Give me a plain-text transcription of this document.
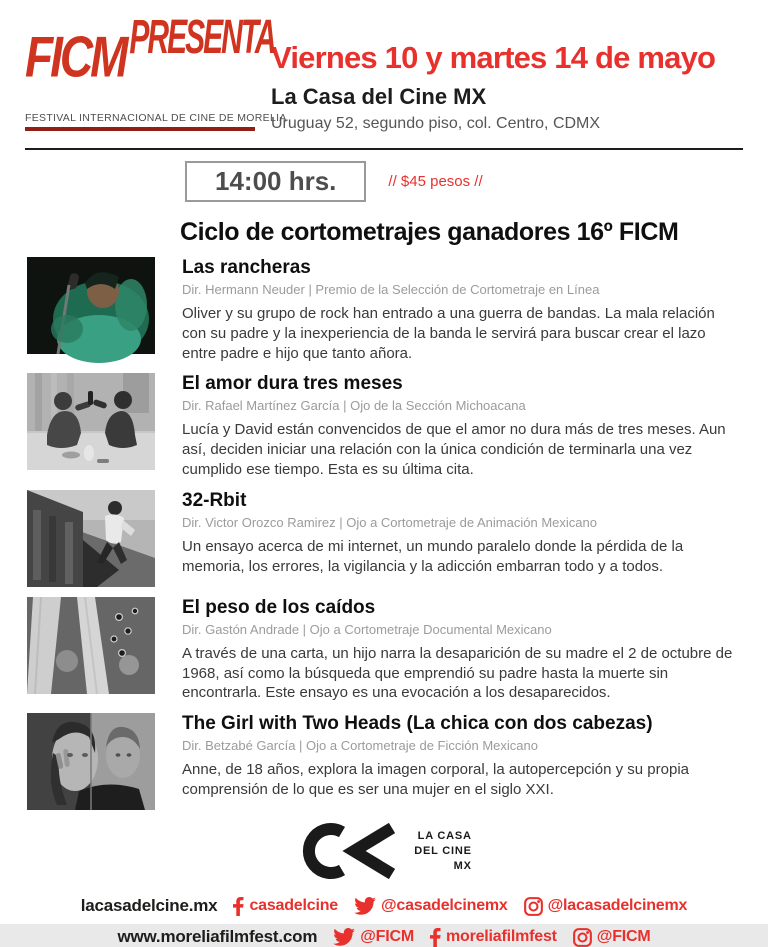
FICM PRESENTA
FESTIVAL INTERNACIONAL DE CINE DE MORELIA
Viernes 10 y martes 14 de mayo
La Casa del Cine MX
Uruguay 52, segundo piso, col. Centro, CDMX
14:00 hrs.	// $45 pesos //
Ciclo de cortometrajes ganadores 16º FICM
Las rancheras
Dir. Hermann Neuder | Premio de la Selección de Cortometraje en Línea
Oliver y su grupo de rock han entrado a una guerra de bandas. La mala relación con su padre y la inexperiencia de la banda le servirá para buscar crear el lazo entre padre e hijo que tanto añora.
El amor dura tres meses
Dir. Rafael Martínez García | Ojo de la Sección Michoacana
Lucía y David están convencidos de que el amor no dura más de tres meses. Aun así, deciden iniciar una relación con la única condición de terminarla una vez cumplido ese tiempo. Esta es su última cita.
32-Rbit
Dir. Victor Orozco Ramirez | Ojo a Cortometraje de Animación Mexicano
Un ensayo acerca de mi internet, un mundo paralelo donde la pérdida de la memoria, los errores, la vigilancia y la adicción embarran todo y a todos.
El peso de los caídos
Dir. Gastón Andrade | Ojo a Cortometraje Documental Mexicano
A través de una carta, un hijo narra la desaparición de su madre el 2 de octubre de 1968, así como la búsqueda que emprendió su padre hasta la muerte sin encontrarla. Este ensayo es una evocación a los desaparecidos.
The Girl with Two Heads (La chica con dos cabezas)
Dir. Betzabé García | Ojo a Cortometraje de Ficción Mexicano
Anne, de 18 años, explora la imagen corporal, la autopercepción y su propia comprensión de lo que es ser una mujer en el siglo XXI.
LA CASA
DEL CINE
MX
lacasadelcine.mx casadelcine	@casadelcinemx	@lacasadelcinemx
www.moreliafilmfest.com	@FICM moreliafilmfest	@FICM
